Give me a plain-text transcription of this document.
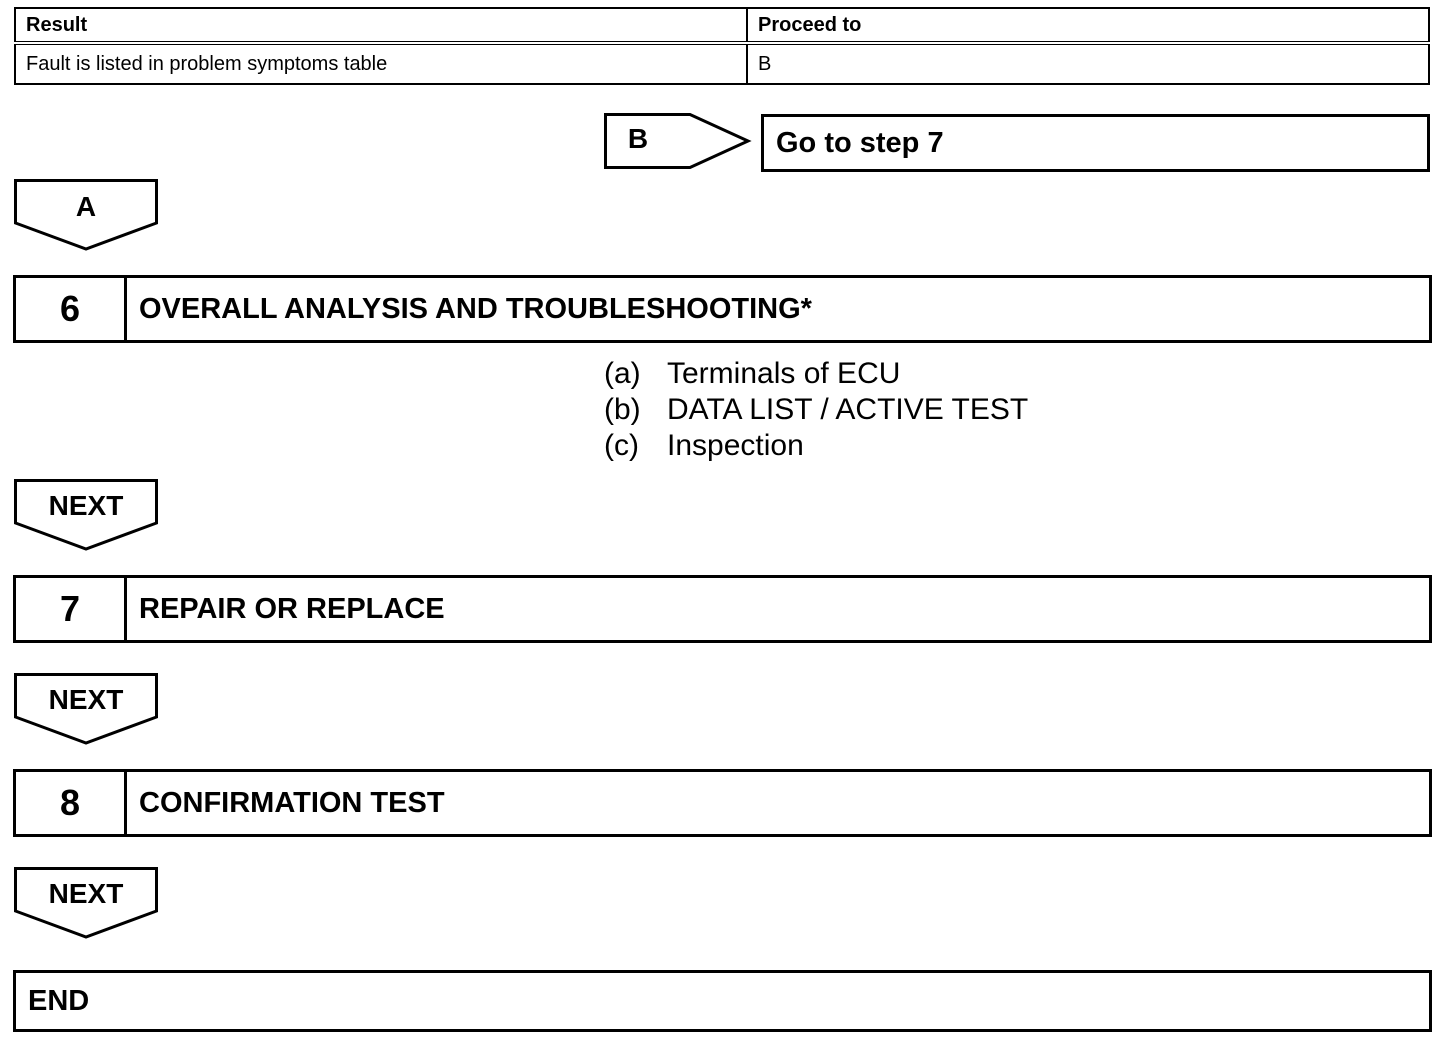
Result	Proceed to
Fault is listed in problem symptoms table	B
B	Go to step 7
A
6	OVERALL ANALYSIS AND TROUBLESHOOTING*
(a) Terminals of ECU
(b) DATA LIST / ACTIVE TEST
(c) Inspection
NEXT
7	REPAIR OR REPLACE
NEXT
8	CONFIRMATION TEST
NEXT
END
